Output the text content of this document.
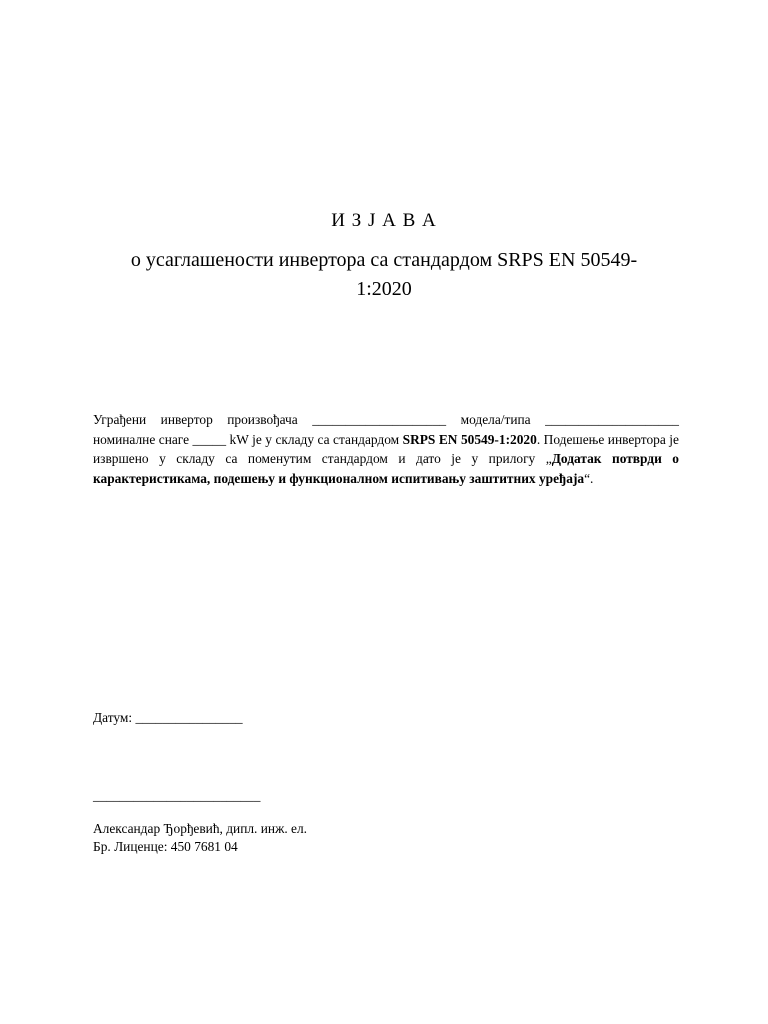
И З Ј А В А
о усаглашености инвертора са стандардом SRPS EN 50549-1:2020
Уграђени инвертор произвођача ____________________ модела/типа ____________________ номиналне снаге _____ kW је у складу са стандардом SRPS EN 50549-1:2020. Подешење инвертора је извршено у складу са поменутим стандардом и дато је у прилогу „Додатак потврди о карактеристикама, подешењу и функционалном испитивању заштитних уређаја“.
Датум: ________________
_________________________
Александар Ђорђевић, дипл. инж. ел.
Бр. Лиценце: 450 7681 04
